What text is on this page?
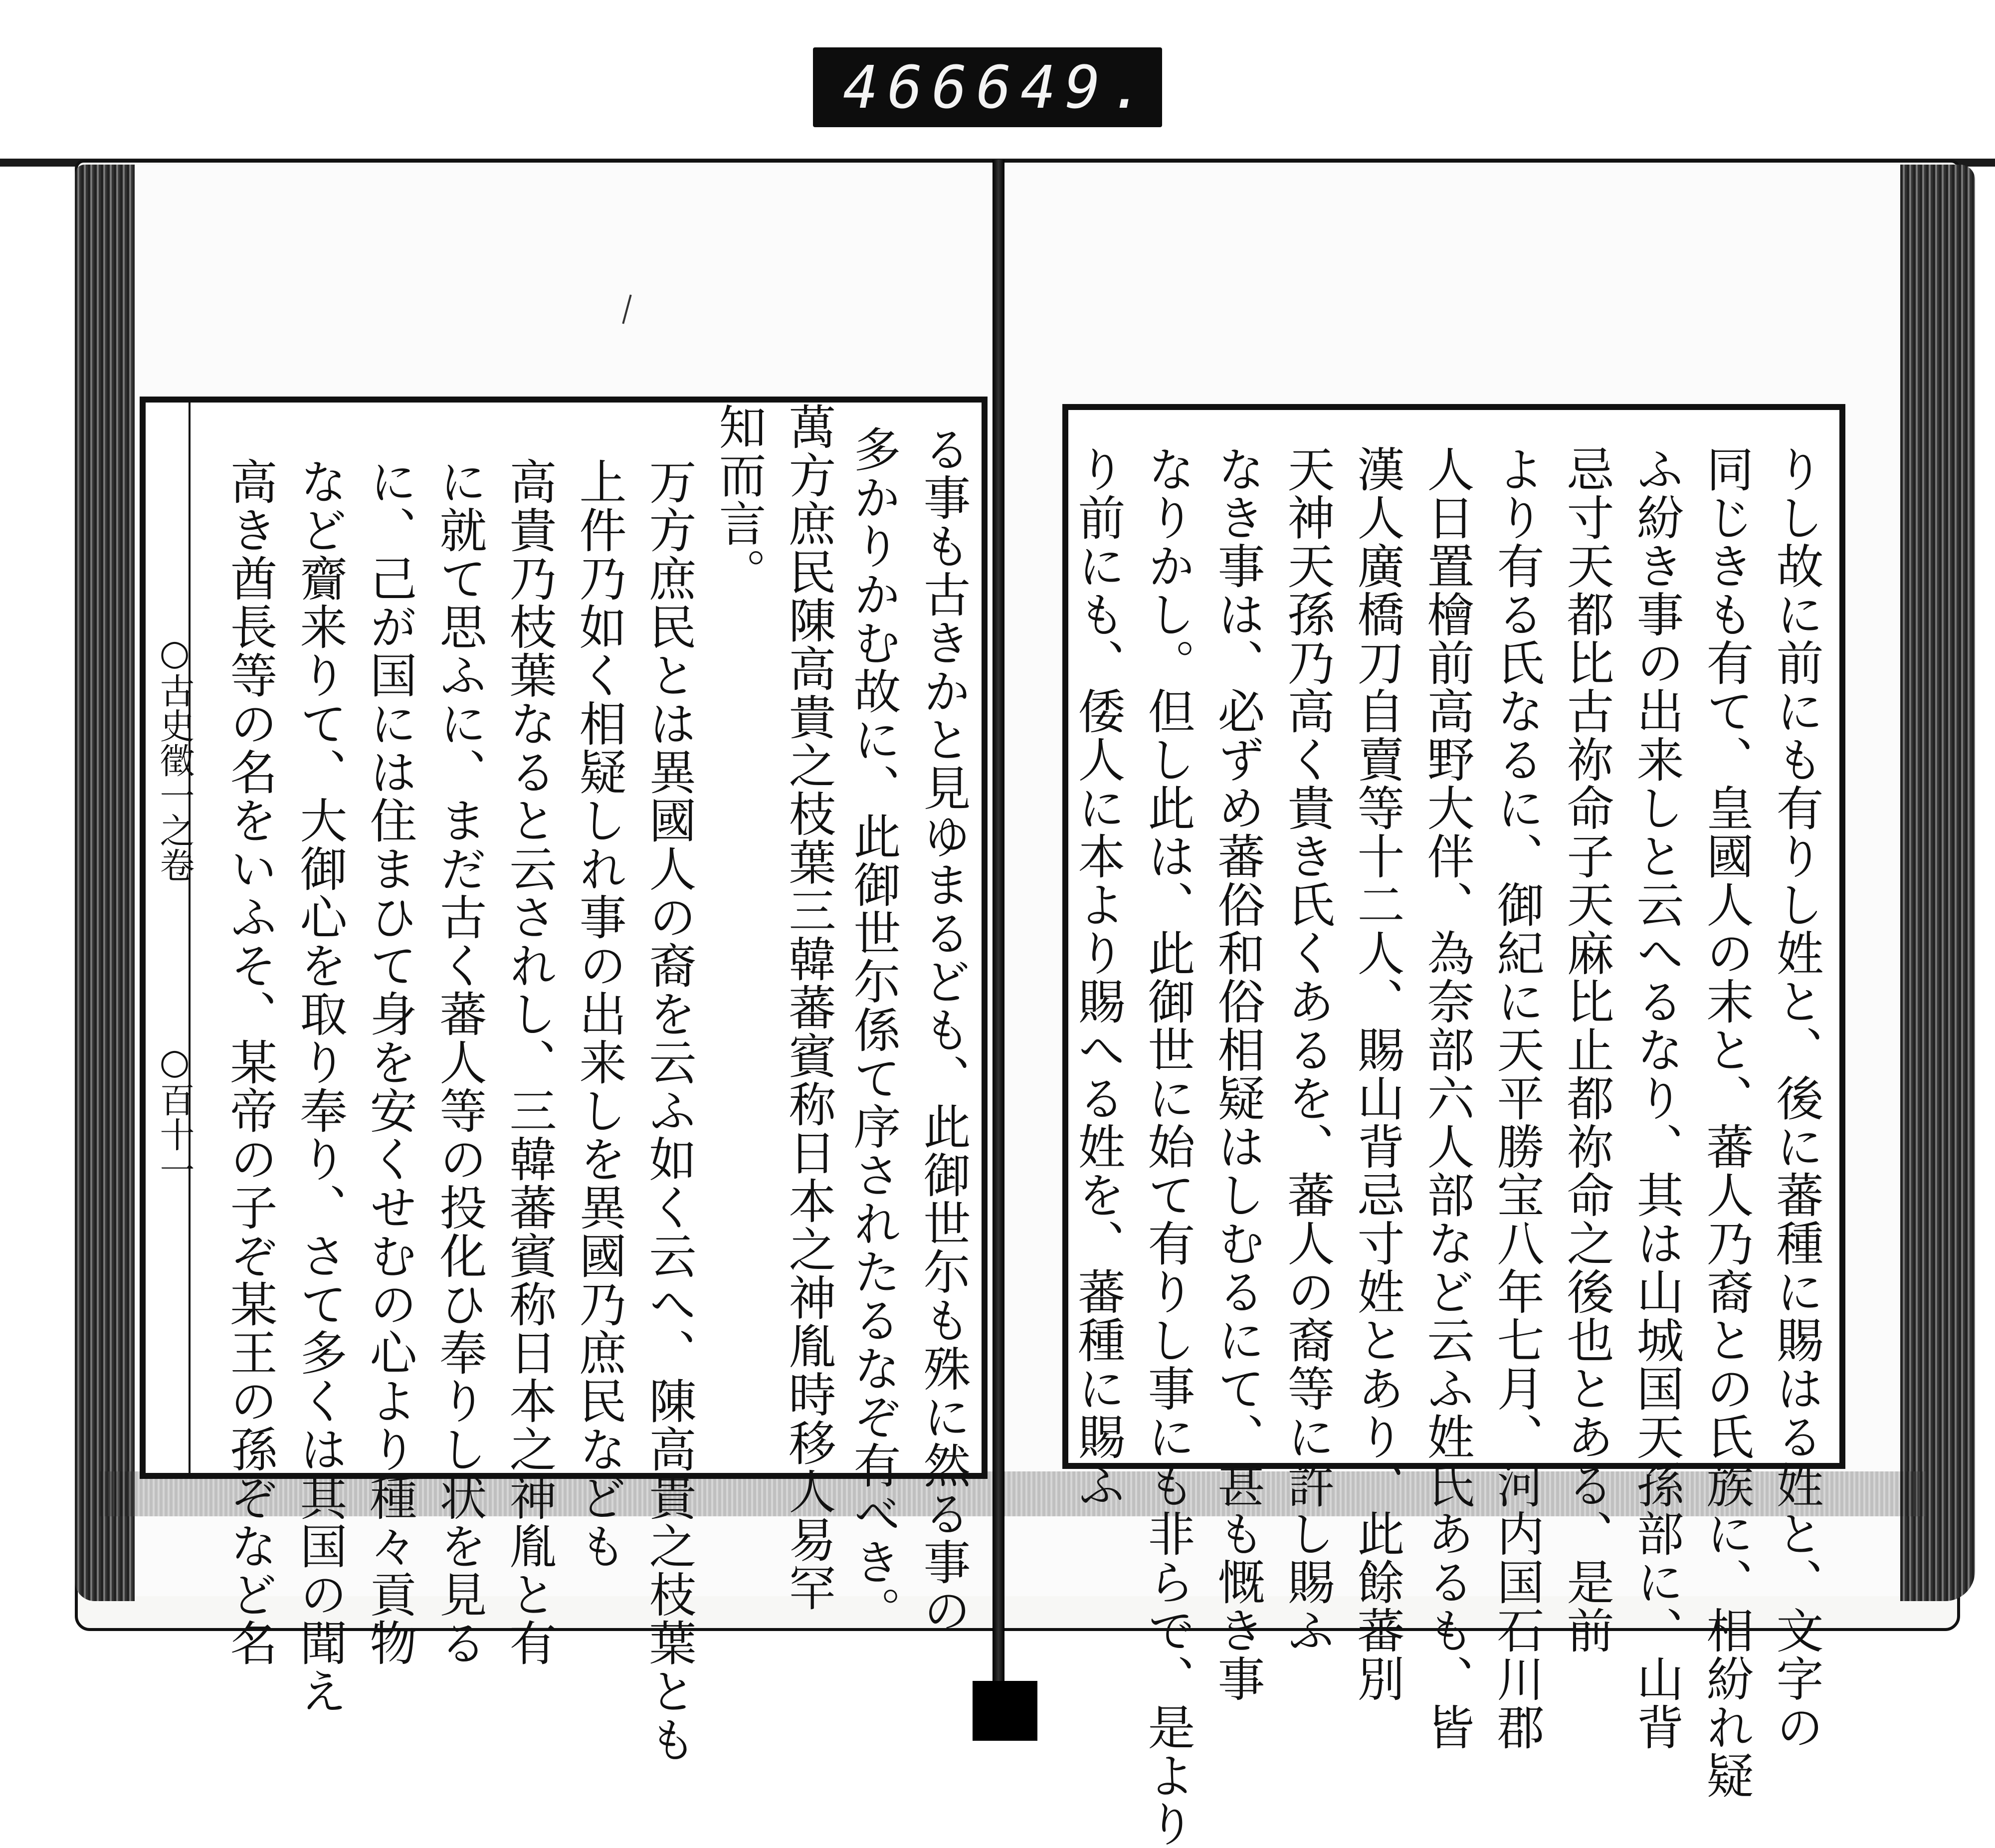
466 649.
○古史徵一之卷
○百十一	る事も古きかと見ゆまるども、此御世尓も殊に然る事の
多かりかむ故に、此御世尓係て序されたるなぞ有べき。
萬方庶民陳高貴之枝葉三韓蕃賓称日本之神胤時移人易罕
知而言。
万方庶民とは異國人の裔を云ふ如く云へ、陳高貴之枝葉とも
上件乃如く相疑しれ事の出来しを異國乃庶民なども
高貴乃枝葉なると云されし、三韓蕃賓称日本之神胤と有
に就て思ふに、まだ古く蕃人等の投化ひ奉りし状を見る
に、己が国には住まひて身を安くせむの心より種々貢物
など齎来りて、大御心を取り奉り、さて多くは其国の聞え
高き酋長等の名をいふそ、某帝の子ぞ某王の孫ぞなど名	りし故に前にも有りし姓と、後に蕃種に賜はる姓と、文字の
同じきも有て、皇國人の末と、蕃人乃裔との氏族に、相紛れ疑
ふ紛き事の出来しと云へるなり、其は山城国天孫部に、山背
忌寸天都比古祢命子天麻比止都祢命之後也とある、是前
より有る氏なるに、御紀に天平勝宝八年七月、河内国石川郡
人日置檜前高野大伴、為奈部六人部など云ふ姓氏あるも、皆
漢人廣橋刀自賣等十二人、賜山背忌寸姓とあり、此餘蕃別
天神天孫乃高く貴き氏くあるを、蕃人の裔等に許し賜ふ
なき事は、必ずめ蕃俗和俗相疑はしむるにて、甚も慨き事
なりかし。但し此は、此御世に始て有りし事にも非らで、是より
り前にも、倭人に本より賜へる姓を、蕃種に賜ふ
